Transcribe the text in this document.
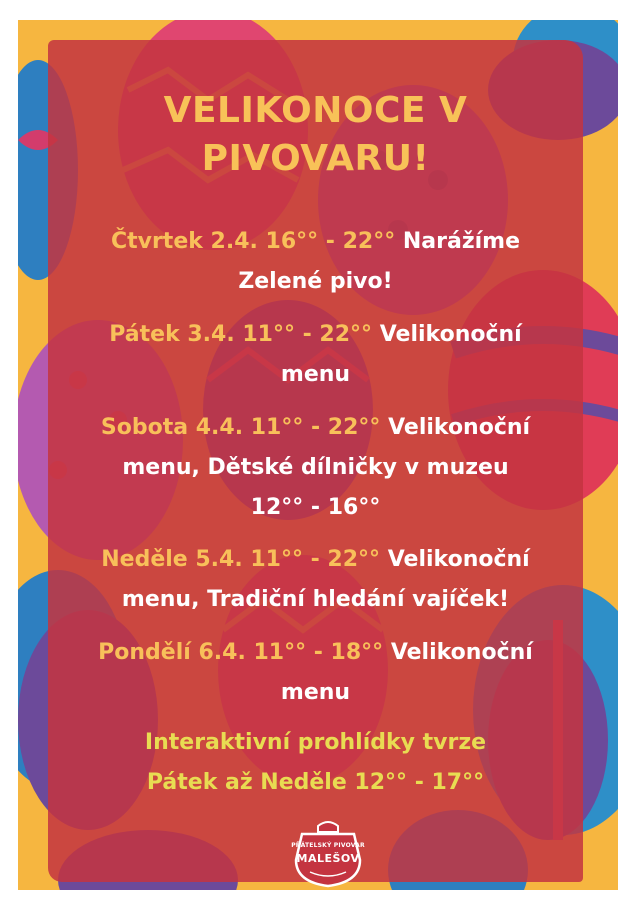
VELIKONOCE V
PIVOVARU!

Čtvrtek 2.4. 16°° - 22°° Narážíme
Zelené pivo!

Pátek 3.4. 11°° - 22°° Velikonoční
menu

Sobota 4.4. 11°° - 22°° Velikonoční
menu, Dětské dílničky v muzeu
12°° - 16°°

Neděle 5.4. 11°° - 22°° Velikonoční
menu, Tradiční hledání vajíček!

Pondělí 6.4. 11°° - 18°° Velikonoční
menu

Interaktivní prohlídky tvrze
Pátek až Neděle 12°° - 17°°

PŘÁTELSKÝ PIVOVAR
MALEŠOV
